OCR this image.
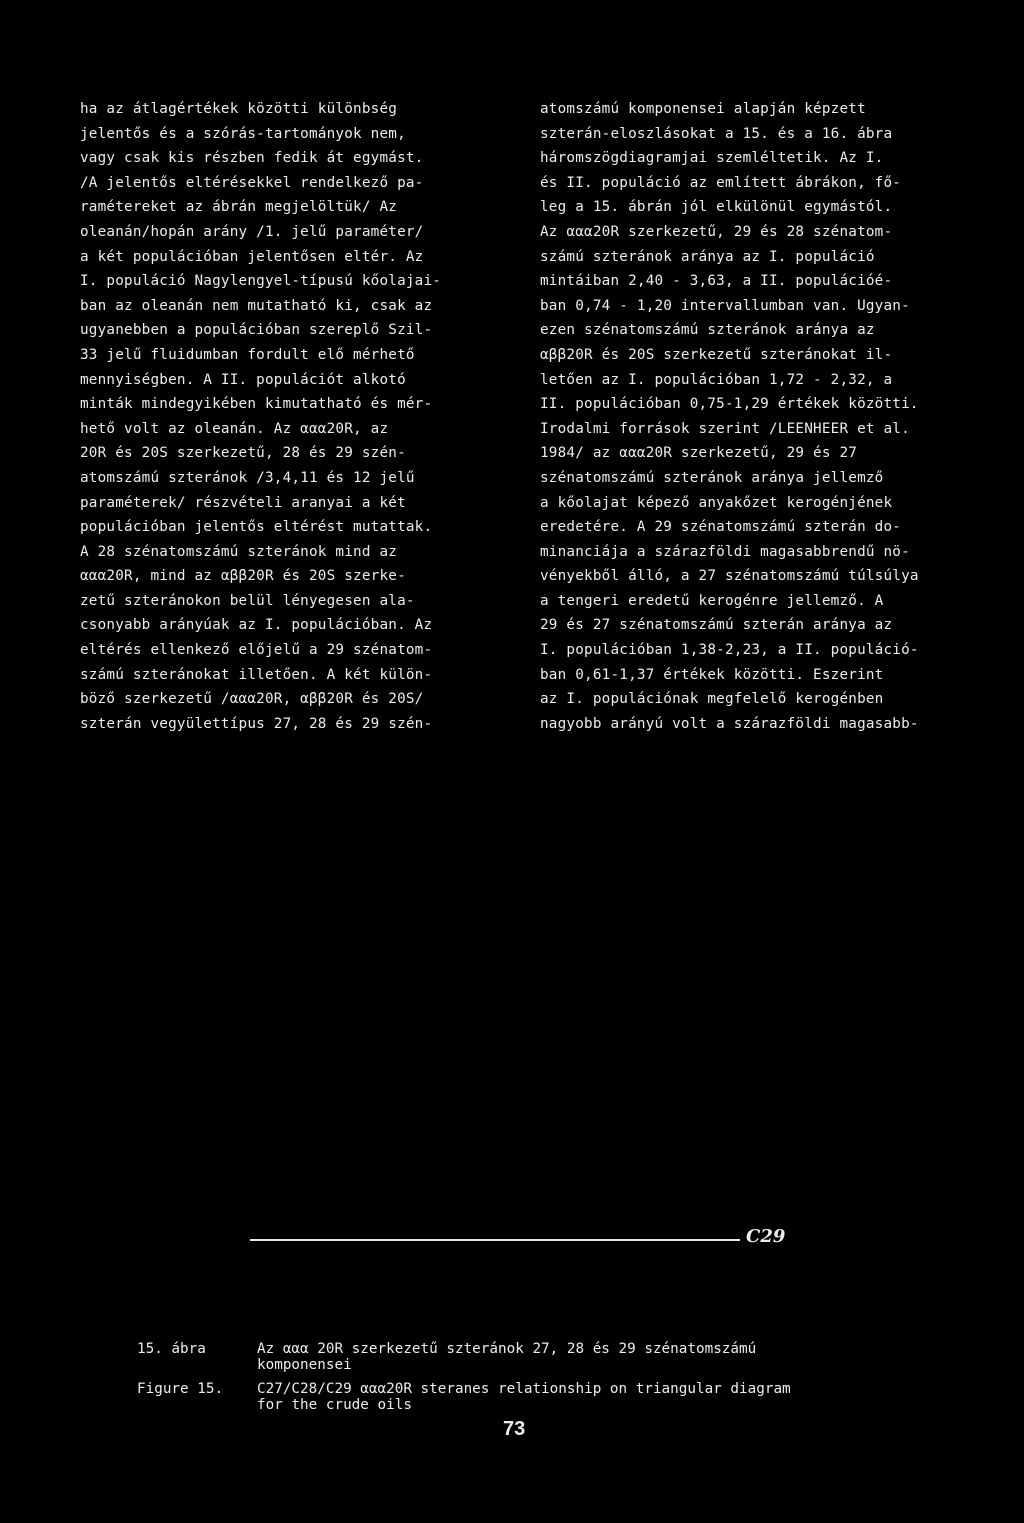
ha az átlagértékek közötti különbség
jelentős és a szórás-tartományok nem,
vagy csak kis részben fedik át egymást.
/A jelentős eltérésekkel rendelkező pa-
ramétereket az ábrán megjelöltük/ Az
oleanán/hopán arány /1. jelű paraméter/
a két populációban jelentősen eltér. Az
I. populáció Nagylengyel-típusú kőolajai-
ban az oleanán nem mutatható ki, csak az
ugyanebben a populációban szereplő Szil-
33 jelű fluidumban fordult elő mérhető
mennyiségben. A II. populációt alkotó
minták mindegyikében kimutatható és mér-
hető volt az oleanán. Az ααα20R, az
20R és 20S szerkezetű, 28 és 29 szén-
atomszámú szteránok /3,4,11 és 12 jelű
paraméterek/ részvételi aranyai a két
populációban jelentős eltérést mutattak.
A 28 szénatomszámú szteránok mind az
ααα20R, mind az αββ20R és 20S szerke-
zetű szteránokon belül lényegesen ala-
csonyabb arányúak az I. populációban. Az
eltérés ellenkező előjelű a 29 szénatom-
számú szteránokat illetően. A két külön-
böző szerkezetű /ααα20R, αββ20R és 20S/
szterán vegyülettípus 27, 28 és 29 szén-
atomszámú komponensei alapján képzett
szterán-eloszlásokat a 15. és a 16. ábra
háromszögdiagramjai szemléltetik. Az I.
és II. populáció az említett ábrákon, fő-
leg a 15. ábrán jól elkülönül egymástól.
Az ααα20R szerkezetű, 29 és 28 szénatom-
számú szteránok aránya az I. populáció
mintáiban 2,40 - 3,63, a II. populációé-
ban 0,74 - 1,20 intervallumban van. Ugyan-
ezen szénatomszámú szteránok aránya az
αββ20R és 20S szerkezetű szteránokat il-
letően az I. populációban 1,72 - 2,32, a
II. populációban 0,75-1,29 értékek közötti.
Irodalmi források szerint /LEENHEER et al.
1984/ az ααα20R szerkezetű, 29 és 27
szénatomszámú szteránok aránya jellemző
a kőolajat képező anyakőzet kerogénjének
eredetére. A 29 szénatomszámú szterán do-
minanciája a szárazföldi magasabbrendű nö-
vényekből álló, a 27 szénatomszámú túlsúlya
a tengeri eredetű kerogénre jellemző. A
29 és 27 szénatomszámú szterán aránya az
I. populációban 1,38-2,23, a II. populáció-
ban 0,61-1,37 értékek közötti. Eszerint
az I. populációnak megfelelő kerogénben
nagyobb arányú volt a szárazföldi magasabb-
C29
15. ábra	Az ααα 20R szerkezetű szteránok 27, 28 és 29 szénatomszámú
komponensei
Figure 15. C27/C28/C29 ααα20R steranes relationship on triangular diagram
for the crude oils
73
